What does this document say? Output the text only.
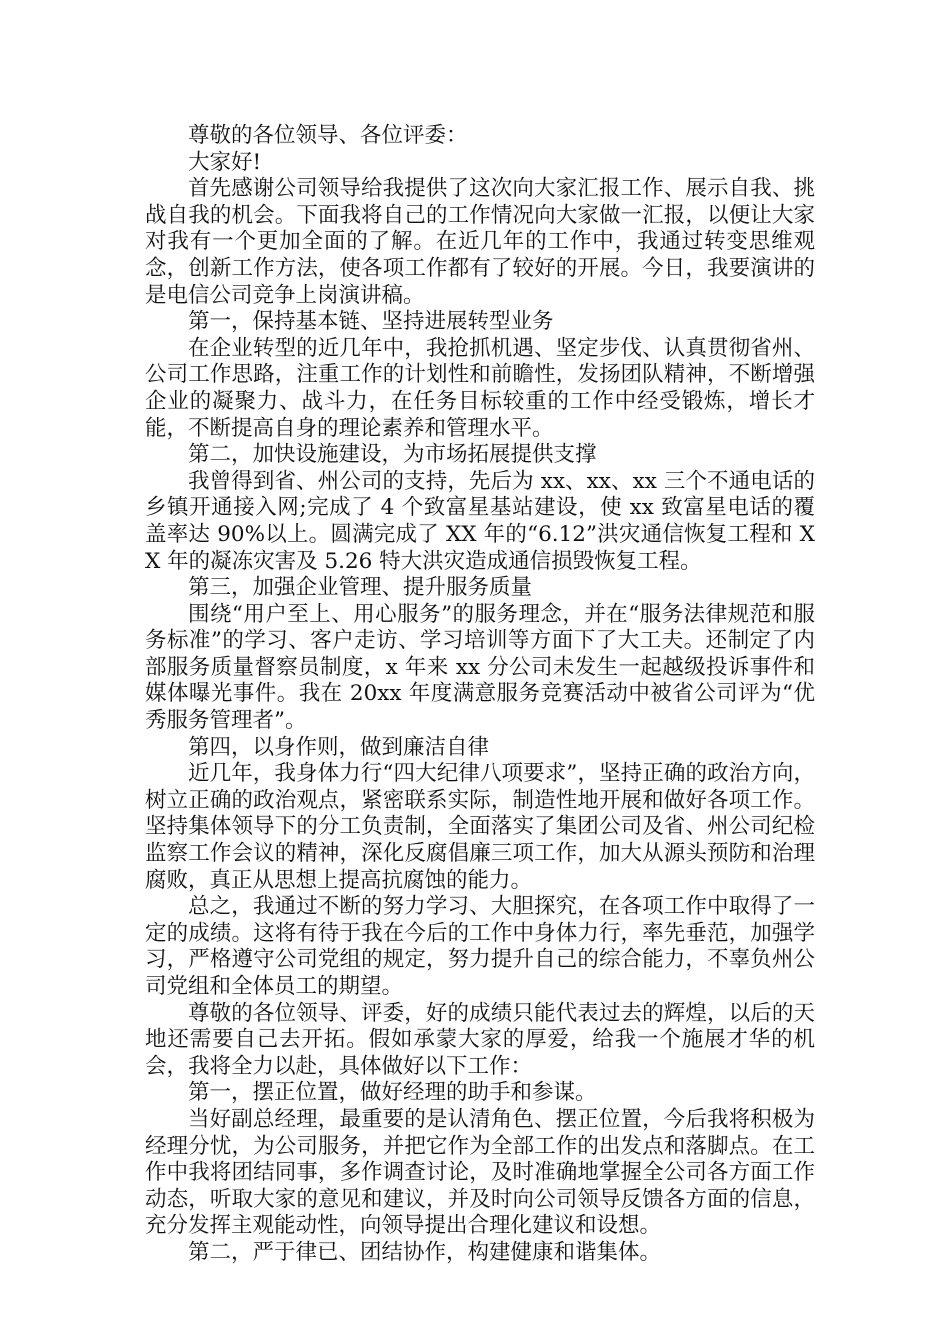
尊敬的各位领导、各位评委：

大家好!

首先感谢公司领导给我提供了这次向大家汇报工作、展示自我、挑战自我的机会。下面我将自己的工作情况向大家做一汇报，以便让大家对我有一个更加全面的了解。在近几年的工作中，我通过转变思维观念，创新工作方法，使各项工作都有了较好的开展。今日，我要演讲的是电信公司竞争上岗演讲稿。

第一，保持基本链、坚持进展转型业务

在企业转型的近几年中，我抢抓机遇、坚定步伐、认真贯彻省州、公司工作思路，注重工作的计划性和前瞻性，发扬团队精神，不断增强企业的凝聚力、战斗力，在任务目标较重的工作中经受锻炼，增长才能，不断提高自身的理论素养和管理水平。

第二，加快设施建设，为市场拓展提供支撑

我曾得到省、州公司的支持，先后为 xx、xx、xx 三个不通电话的乡镇开通接入网;完成了 4 个致富星基站建设，使 xx 致富星电话的覆盖率达 90%以上。圆满完成了 XX 年的“6.12”洪灾通信恢复工程和 XX 年的凝冻灾害及 5.26 特大洪灾造成通信损毁恢复工程。

第三，加强企业管理、提升服务质量

围绕“用户至上、用心服务”的服务理念，并在“服务法律规范和服务标准”的学习、客户走访、学习培训等方面下了大工夫。还制定了内部服务质量督察员制度，x 年来 xx 分公司未发生一起越级投诉事件和媒体曝光事件。我在 20xx 年度满意服务竞赛活动中被省公司评为“优秀服务管理者”。

第四，以身作则，做到廉洁自律

近几年，我身体力行“四大纪律八项要求”，坚持正确的政治方向，树立正确的政治观点，紧密联系实际，制造性地开展和做好各项工作。坚持集体领导下的分工负责制，全面落实了集团公司及省、州公司纪检监察工作会议的精神，深化反腐倡廉三项工作，加大从源头预防和治理腐败，真正从思想上提高抗腐蚀的能力。

总之，我通过不断的努力学习、大胆探究，在各项工作中取得了一定的成绩。这将有待于我在今后的工作中身体力行，率先垂范，加强学习，严格遵守公司党组的规定，努力提升自己的综合能力，不辜负州公司党组和全体员工的期望。

尊敬的各位领导、评委，好的成绩只能代表过去的辉煌，以后的天地还需要自己去开拓。假如承蒙大家的厚爱，给我一个施展才华的机会，我将全力以赴，具体做好以下工作：

第一，摆正位置，做好经理的助手和参谋。

当好副总经理，最重要的是认清角色、摆正位置，今后我将积极为经理分忧，为公司服务，并把它作为全部工作的出发点和落脚点。在工作中我将团结同事，多作调查讨论，及时准确地掌握全公司各方面工作动态，听取大家的意见和建议，并及时向公司领导反馈各方面的信息，充分发挥主观能动性，向领导提出合理化建议和设想。

第二，严于律已、团结协作，构建健康和谐集体。
